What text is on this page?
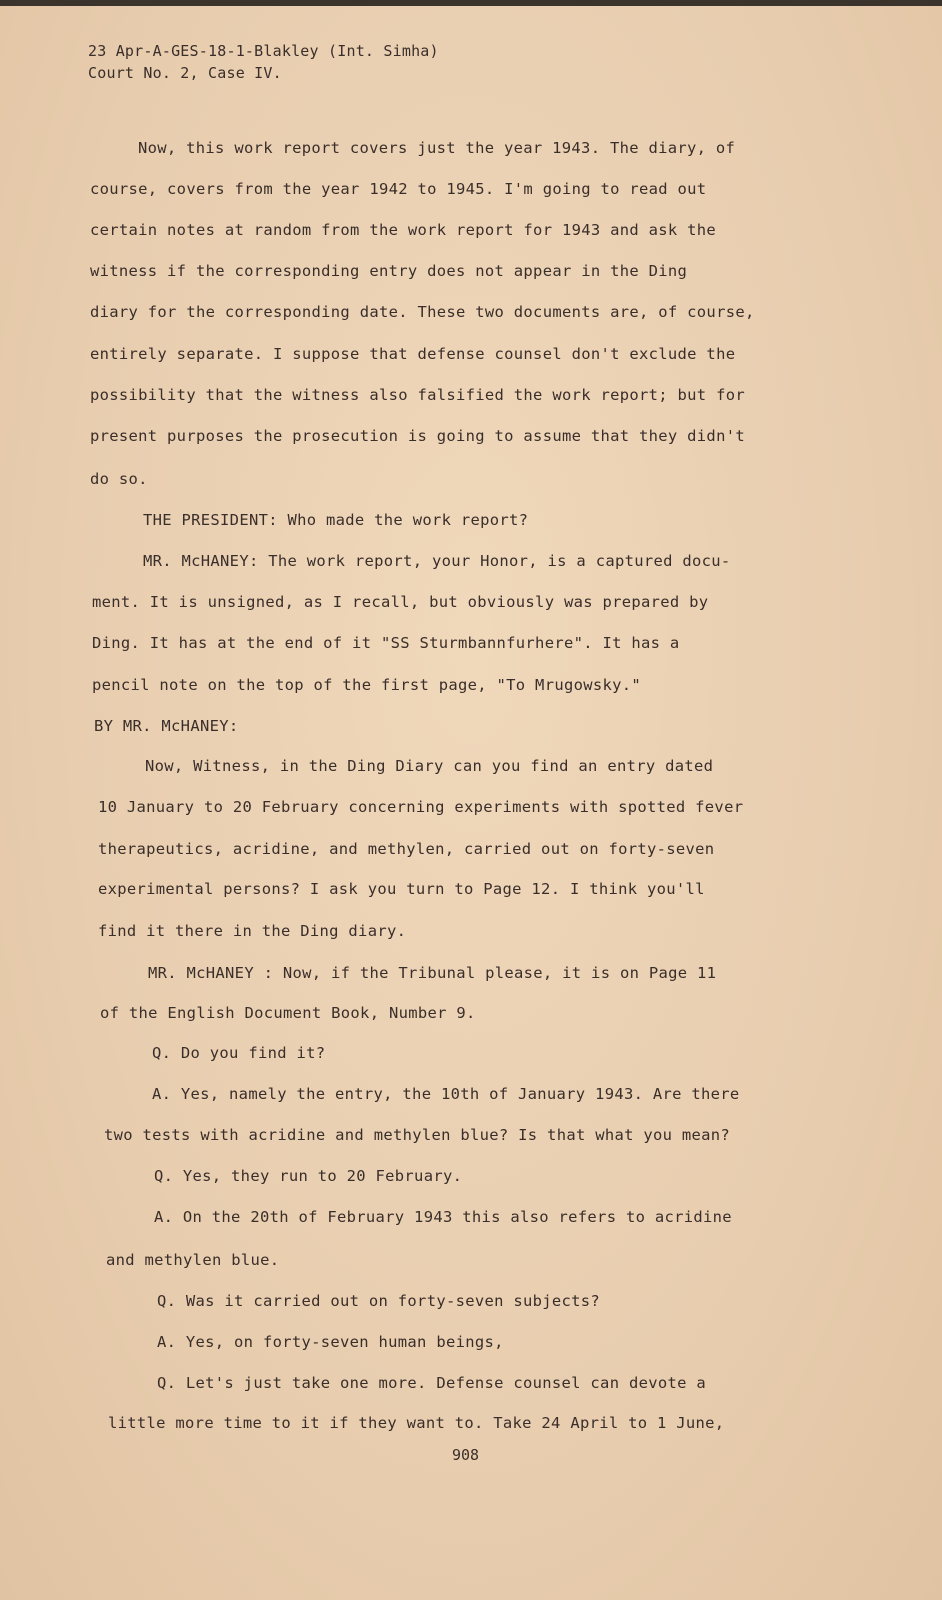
23 Apr-A-GES-18-1-Blakley (Int. Simha)
Court No. 2, Case IV.
Now, this work report covers just the year 1943. The diary, of
course, covers from the year 1942 to 1945. I'm going to read out
certain notes at random from the work report for 1943 and ask the
witness if the corresponding entry does not appear in the Ding
diary for the corresponding date. These two documents are, of course,
entirely separate. I suppose that defense counsel don't exclude the
possibility that the witness also falsified the work report; but for
present purposes the prosecution is going to assume that they didn't
do so.
THE PRESIDENT: Who made the work report?
MR. McHANEY: The work report, your Honor, is a captured docu-
ment. It is unsigned, as I recall, but obviously was prepared by
Ding. It has at the end of it "SS Sturmbannfurhere". It has a
pencil note on the top of the first page, "To Mrugowsky."
BY MR. McHANEY:
Now, Witness, in the Ding Diary can you find an entry dated
10 January to 20 February concerning experiments with spotted fever
therapeutics, acridine, and methylen, carried out on forty-seven
experimental persons? I ask you turn to Page 12. I think you'll
find it there in the Ding diary.
MR. McHANEY : Now, if the Tribunal please, it is on Page 11
of the English Document Book, Number 9.
Q. Do you find it?
A. Yes, namely the entry, the 10th of January 1943. Are there
two tests with acridine and methylen blue? Is that what you mean?
Q. Yes, they run to 20 February.
A. On the 20th of February 1943 this also refers to acridine
and methylen blue.
Q. Was it carried out on forty-seven subjects?
A. Yes, on forty-seven human beings,
Q. Let's just take one more. Defense counsel can devote a
little more time to it if they want to. Take 24 April to 1 June,
908
